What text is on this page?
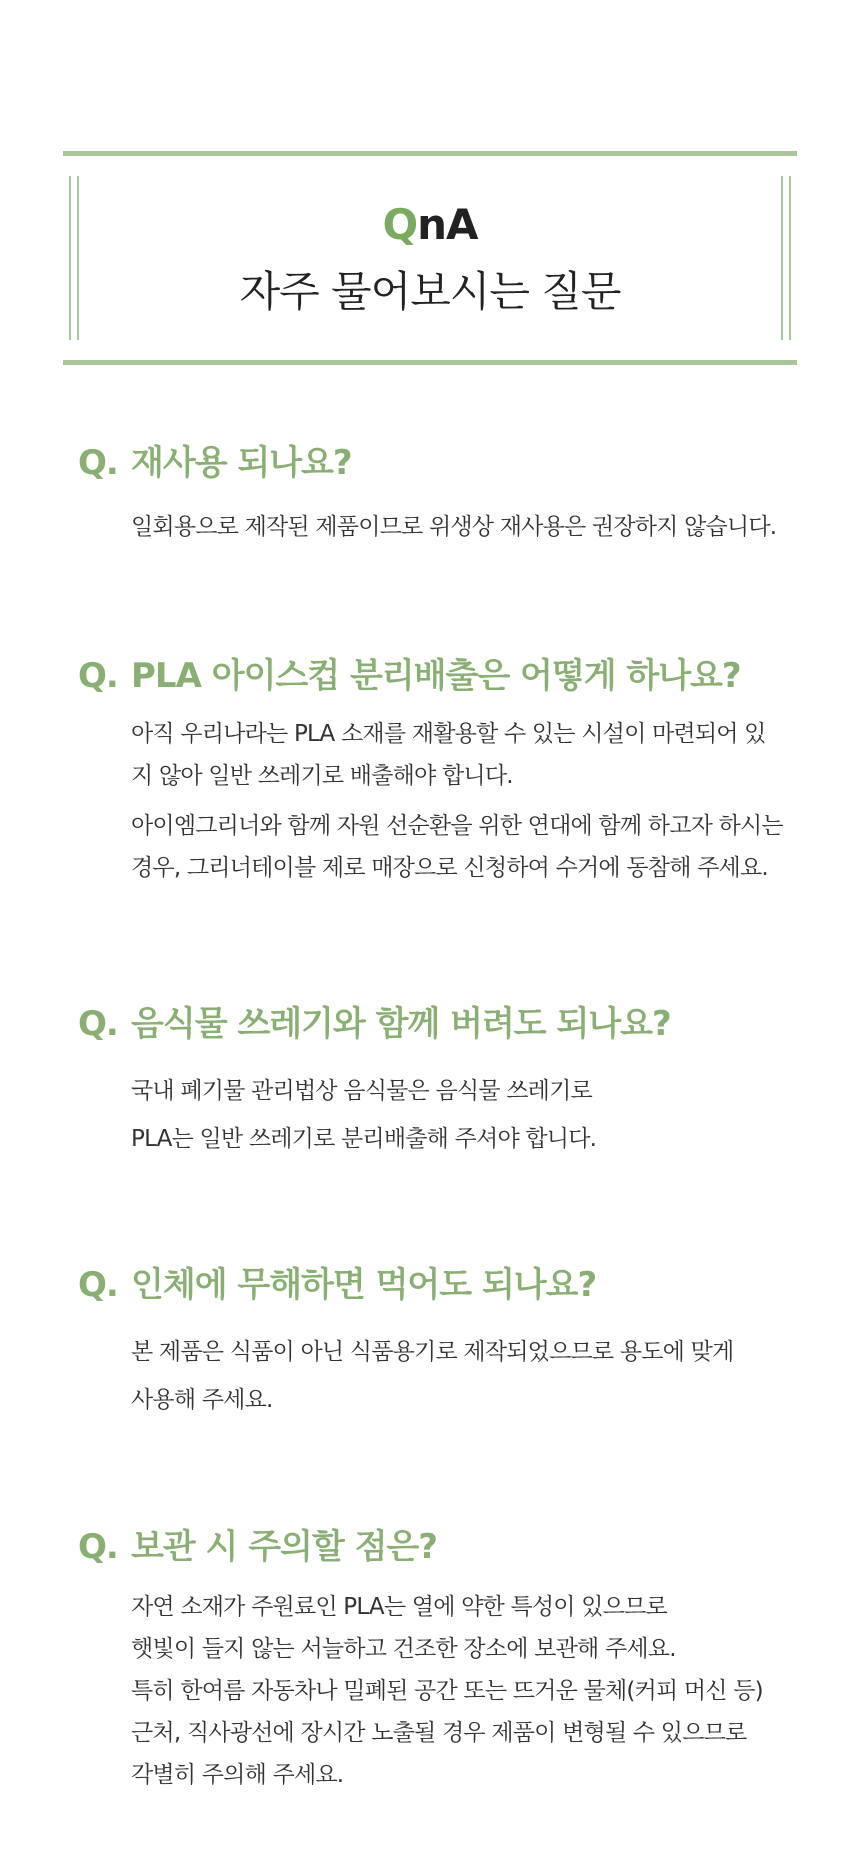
QnA
자주 물어보시는 질문
Q. 재사용 되나요?

일회용으로 제작된 제품이므로 위생상 재사용은 권장하지 않습니다.

Q. PLA 아이스컵 분리배출은 어떻게 하나요?

아직 우리나라는 PLA 소재를 재활용할 수 있는 시설이 마련되어 있

지 않아 일반 쓰레기로 배출해야 합니다.

아이엠그리너와 함께 자원 선순환을 위한 연대에 함께 하고자 하시는

경우, 그리너테이블 제로 매장으로 신청하여 수거에 동참해 주세요.

Q. 음식물 쓰레기와 함께 버려도 되나요?

국내 폐기물 관리법상 음식물은 음식물 쓰레기로

PLA는 일반 쓰레기로 분리배출해 주셔야 합니다.

Q. 인체에 무해하면 먹어도 되나요?

본 제품은 식품이 아닌 식품용기로 제작되었으므로 용도에 맞게

사용해 주세요.

Q. 보관 시 주의할 점은?

자연 소재가 주원료인 PLA는 열에 약한 특성이 있으므로

햇빛이 들지 않는 서늘하고 건조한 장소에 보관해 주세요.

특히 한여름 자동차나 밀폐된 공간 또는 뜨거운 물체(커피 머신 등)

근처, 직사광선에 장시간 노출될 경우 제품이 변형될 수 있으므로

각별히 주의해 주세요.
